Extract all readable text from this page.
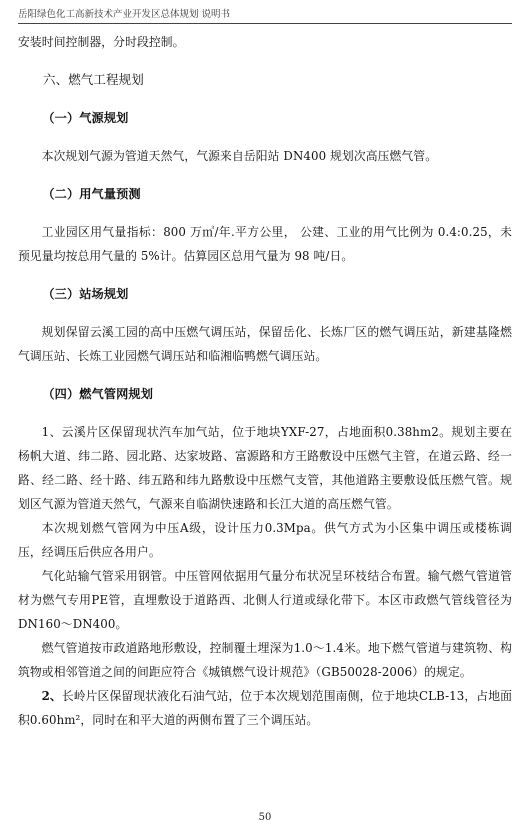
岳阳绿色化工高新技术产业开发区总体规划 说明书

安装时间控制器，分时段控制。

六、燃气工程规划

（一）气源规划

本次规划气源为管道天然气，气源来自岳阳站 DN400 规划次高压燃气管。

（二）用气量预测

工业园区用气量指标：800 万㎥/年.平方公里， 公建、工业的用气比例为 0.4:0.25，未预见量均按总用气量的 5%计。估算园区总用气量为 98 吨/日。

（三）站场规划

规划保留云溪工园的高中压燃气调压站，保留岳化、长炼厂区的燃气调压站，新建基隆燃气调压站、长炼工业园燃气调压站和临湘临鸭燃气调压站。

（四）燃气管网规划

1、云溪片区保留现状汽车加气站，位于地块YXF-27，占地面积0.38hm2。规划主要在杨帆大道、纬二路、园北路、达家坡路、富源路和方王路敷设中压燃气主管，在道云路、经一路、经二路、经十路、纬五路和纬九路敷设中压燃气支管，其他道路主要敷设低压燃气管。规划区气源为管道天然气，气源来自临湖快速路和长江大道的高压燃气管。

本次规划燃气管网为中压A级，设计压力0.3Mpa。供气方式为小区集中调压或楼栋调压，经调压后供应各用户。

气化站输气管采用钢管。中压管网依据用气量分布状况呈环枝结合布置。输气燃气管道管材为燃气专用PE管，直埋敷设于道路西、北侧人行道或绿化带下。本区市政燃气管线管径为DN160～DN400。

燃气管道按市政道路地形敷设，控制覆土埋深为1.0～1.4米。地下燃气管道与建筑物、构筑物或相邻管道之间的间距应符合《城镇燃气设计规范》（GB50028-2006）的规定。

2、长岭片区保留现状液化石油气站，位于本次规划范围南侧，位于地块CLB-13，占地面积0.60hm²，同时在和平大道的两侧布置了三个调压站。

50
